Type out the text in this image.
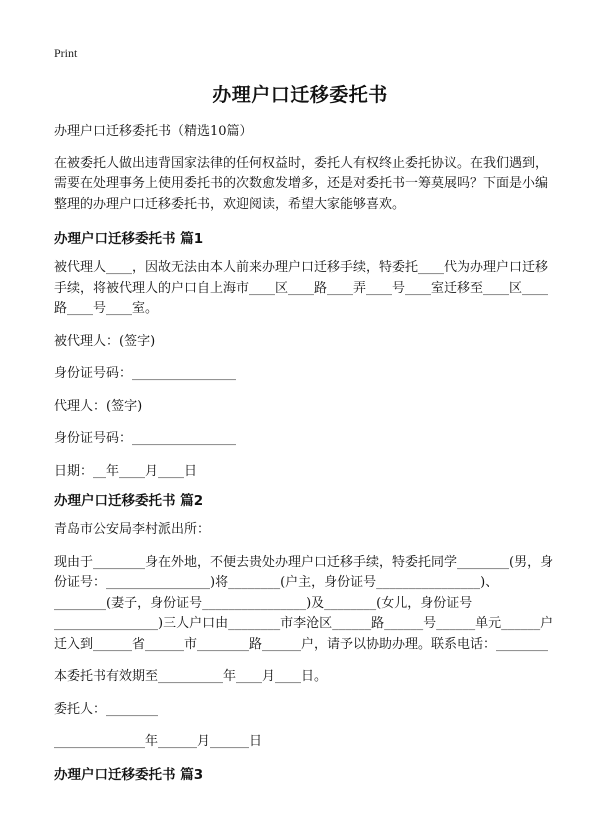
Print
办理户口迁移委托书

办理户口迁移委托书（精选10篇）

在被委托人做出违背国家法律的任何权益时，委托人有权终止委托协议。在我们遇到，需要在处理事务上使用委托书的次数愈发增多，还是对委托书一筹莫展吗？下面是小编整理的办理户口迁移委托书，欢迎阅读，希望大家能够喜欢。

办理户口迁移委托书 篇1

被代理人____，因故无法由本人前来办理户口迁移手续，特委托____代为办理户口迁移手续，将被代理人的户口自上海市____区____路____弄____号____室迁移至____区____路____号____室。

被代理人：(签字)

身份证号码：________________

代理人：(签字)

身份证号码：________________

日期：__年____月____日

办理户口迁移委托书 篇2

青岛市公安局李村派出所：

现由于________身在外地，不便去贵处办理户口迁移手续，特委托同学________(男，身份证号：________________)将________(户主，身份证号________________)、________(妻子，身份证号________________)及________(女儿，身份证号________________)三人户口由________市李沧区______路______号______单元______户迁入到______省______市________路______户，请予以协助办理。联系电话：________

本委托书有效期至__________年____月____日。

委托人：________

______________年______月______日

办理户口迁移委托书 篇3
